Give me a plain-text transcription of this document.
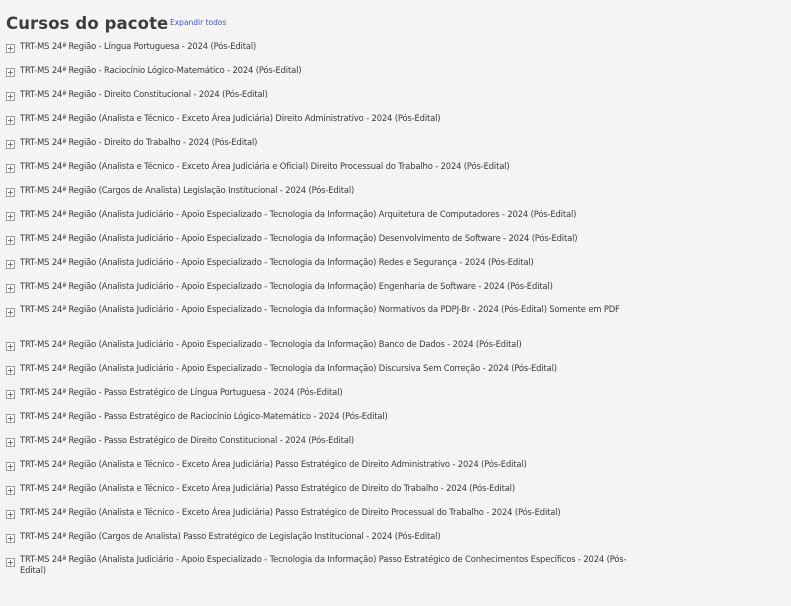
Cursos do pacote Expandir todos
TRT-MS 24ª Região - Língua Portuguesa - 2024 (Pós-Edital)
TRT-MS 24ª Região - Raciocínio Lógico-Matemático - 2024 (Pós-Edital)
TRT-MS 24ª Região - Direito Constitucional - 2024 (Pós-Edital)
TRT-MS 24ª Região (Analista e Técnico - Exceto Área Judiciária) Direito Administrativo - 2024 (Pós-Edital)
TRT-MS 24ª Região - Direito do Trabalho - 2024 (Pós-Edital)
TRT-MS 24ª Região (Analista e Técnico - Exceto Área Judiciária e Oficial) Direito Processual do Trabalho - 2024 (Pós-Edital)
TRT-MS 24ª Região (Cargos de Analista) Legislação Institucional - 2024 (Pós-Edital)
TRT-MS 24ª Região (Analista Judiciário - Apoio Especializado - Tecnologia da Informação) Arquitetura de Computadores - 2024 (Pós-Edital)
TRT-MS 24ª Região (Analista Judiciário - Apoio Especializado - Tecnologia da Informação) Desenvolvimento de Software - 2024 (Pós-Edital)
TRT-MS 24ª Região (Analista Judiciário - Apoio Especializado - Tecnologia da Informação) Redes e Segurança - 2024 (Pós-Edital)
TRT-MS 24ª Região (Analista Judiciário - Apoio Especializado - Tecnologia da Informação) Engenharia de Software - 2024 (Pós-Edital)
TRT-MS 24ª Região (Analista Judiciário - Apoio Especializado - Tecnologia da Informação) Normativos da PDPJ-Br - 2024 (Pós-Edital) Somente em PDF
TRT-MS 24ª Região (Analista Judiciário - Apoio Especializado - Tecnologia da Informação) Banco de Dados - 2024 (Pós-Edital)
TRT-MS 24ª Região (Analista Judiciário - Apoio Especializado - Tecnologia da Informação) Discursiva Sem Correção - 2024 (Pós-Edital)
TRT-MS 24ª Região - Passo Estratégico de Língua Portuguesa - 2024 (Pós-Edital)
TRT-MS 24ª Região - Passo Estratégico de Raciocínio Lógico-Matemático - 2024 (Pós-Edital)
TRT-MS 24ª Região - Passo Estratégico de Direito Constitucional - 2024 (Pós-Edital)
TRT-MS 24ª Região (Analista e Técnico - Exceto Área Judiciária) Passo Estratégico de Direito Administrativo - 2024 (Pós-Edital)
TRT-MS 24ª Região (Analista e Técnico - Exceto Área Judiciária) Passo Estratégico de Direito do Trabalho - 2024 (Pós-Edital)
TRT-MS 24ª Região (Analista e Técnico - Exceto Área Judiciária) Passo Estratégico de Direito Processual do Trabalho - 2024 (Pós-Edital)
TRT-MS 24ª Região (Cargos de Analista) Passo Estratégico de Legislação Institucional - 2024 (Pós-Edital)
TRT-MS 24ª Região (Analista Judiciário - Apoio Especializado - Tecnologia da Informação) Passo Estratégico de Conhecimentos Específicos - 2024 (Pós-Edital)
